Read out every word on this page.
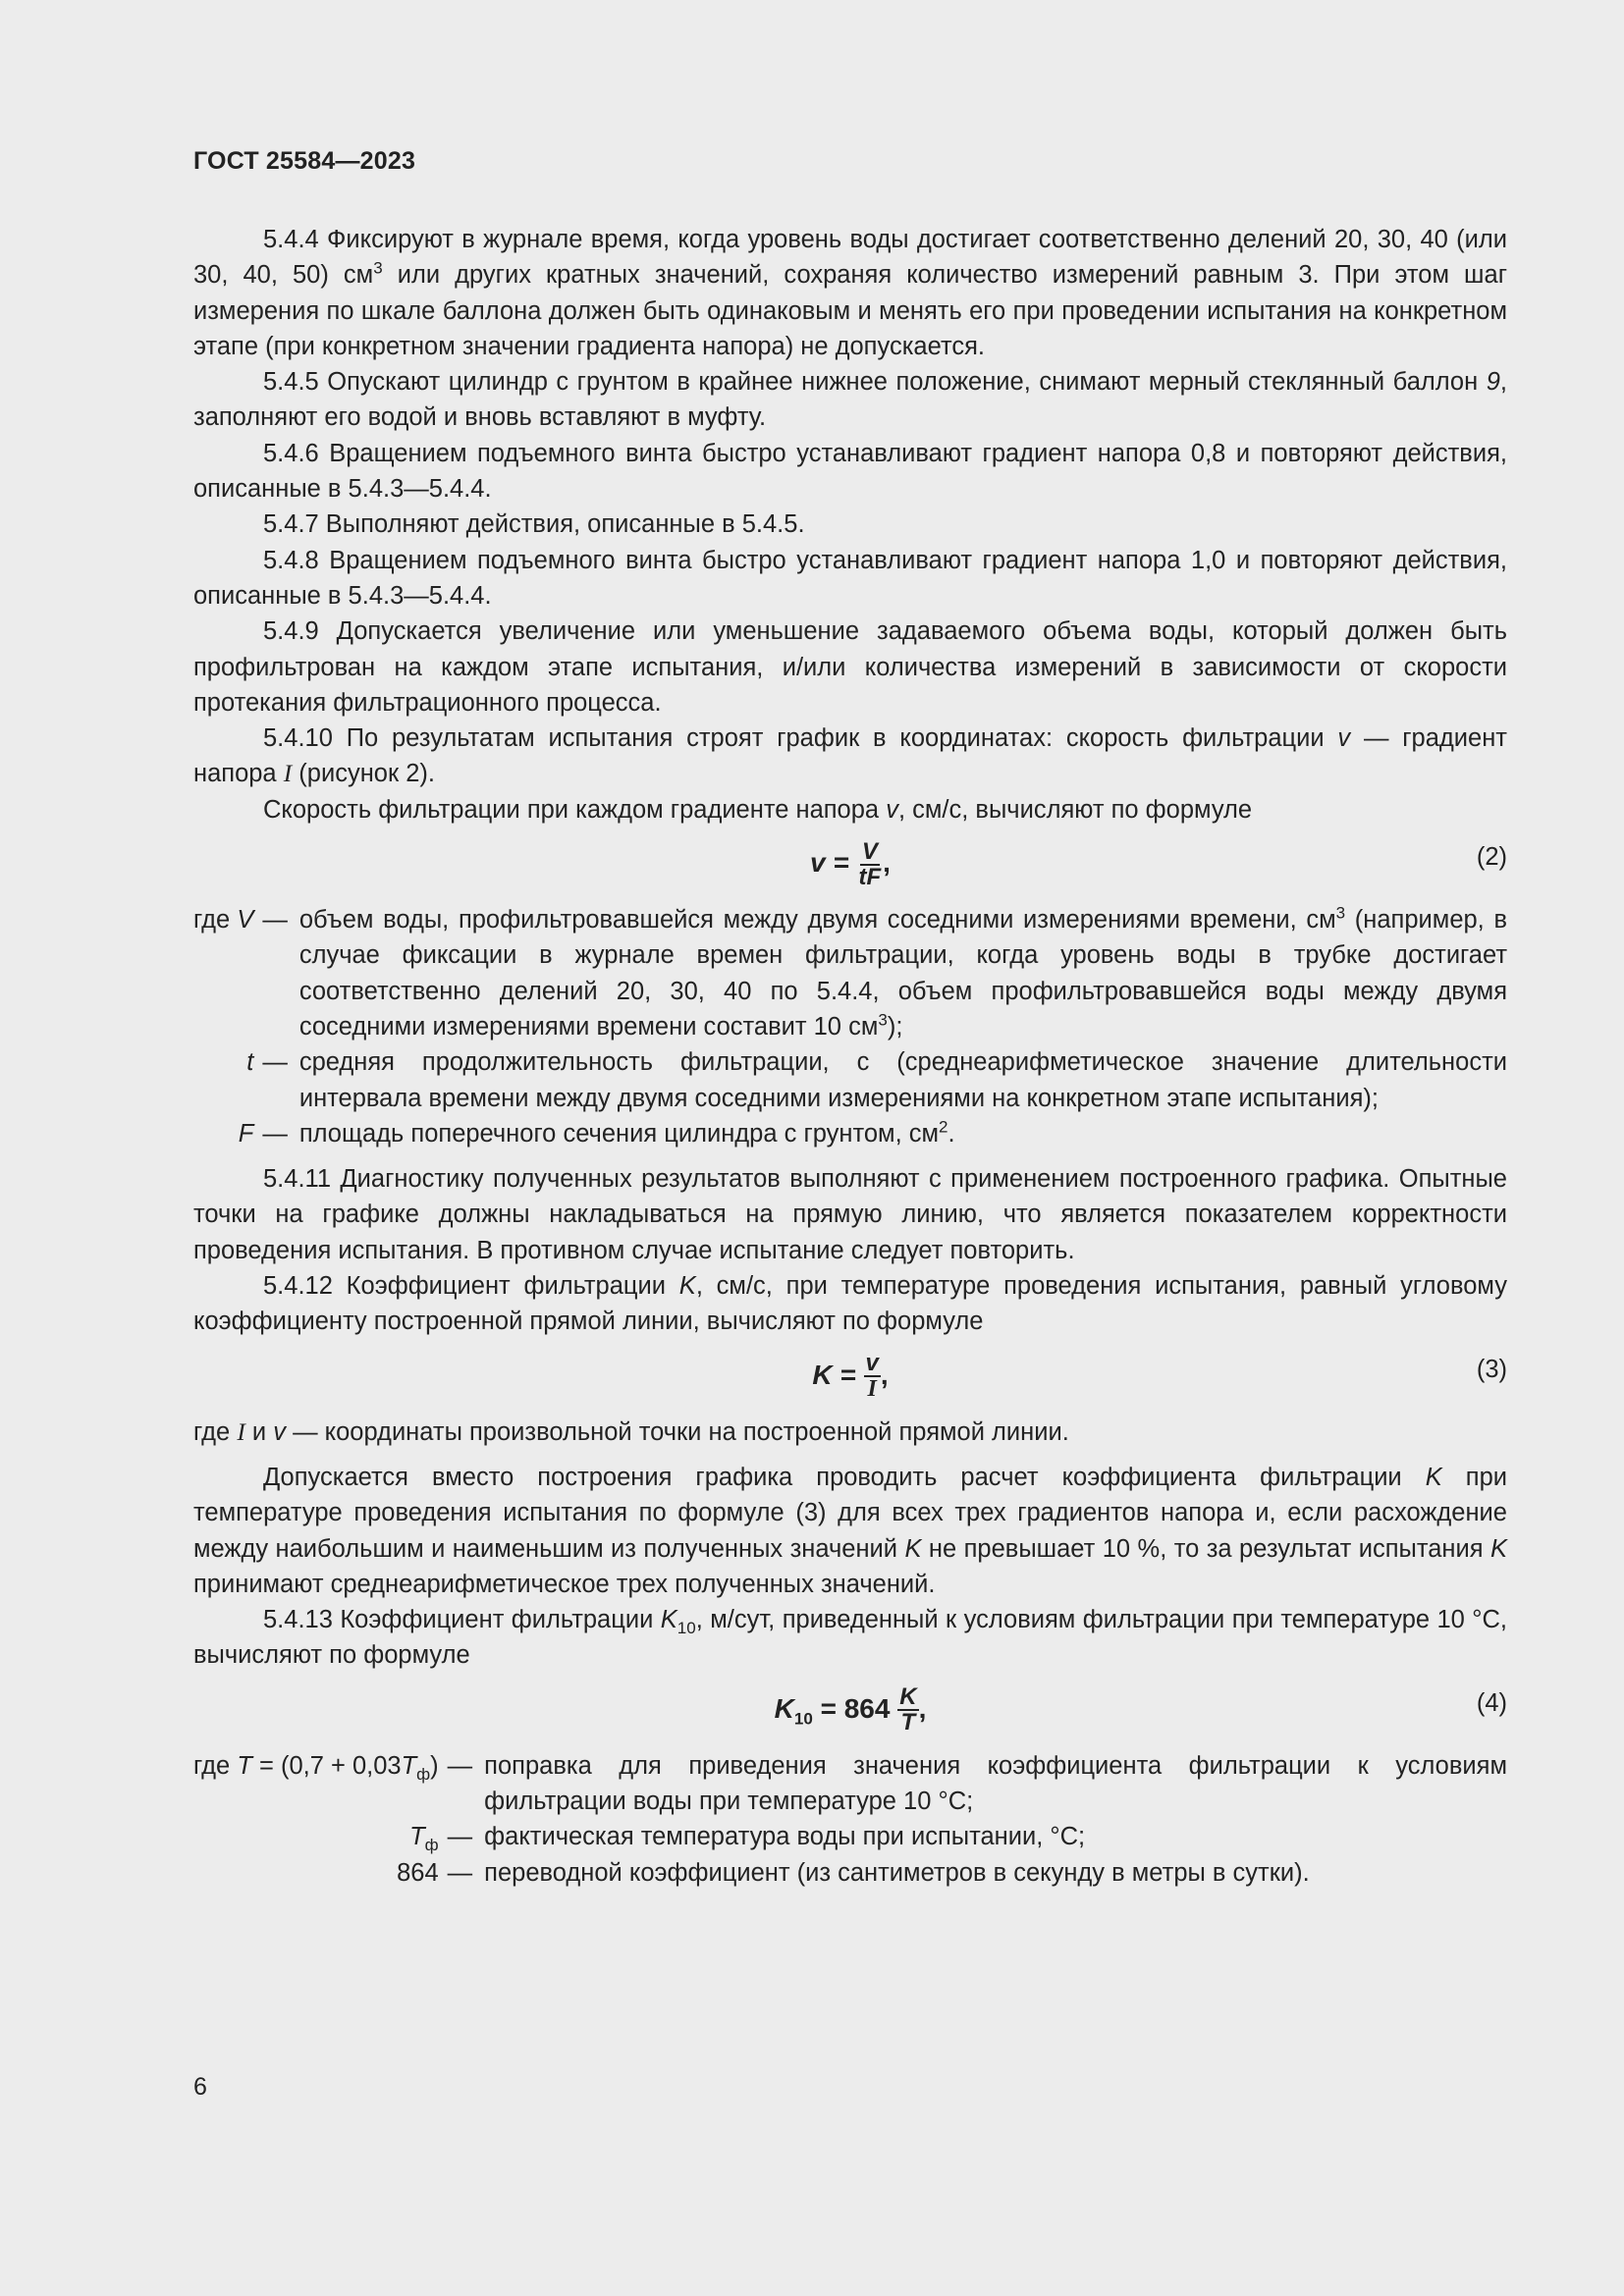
ГОСТ 25584—2023

5.4.4 Фиксируют в журнале время, когда уровень воды достигает соответственно делений 20, 30, 40 (или 30, 40, 50) $см^3$ или других кратных значений, сохраняя количество измерений равным 3. При этом шаг измерения по шкале баллона должен быть одинаковым и менять его при проведении испытания на конкретном этапе (при конкретном значении градиента напора) не допускается.

5.4.5 Опускают цилиндр с грунтом в крайнее нижнее положение, снимают мерный стеклянный баллон 9, заполняют его водой и вновь вставляют в муфту.

5.4.6 Вращением подъемного винта быстро устанавливают градиент напора 0,8 и повторяют действия, описанные в 5.4.3—5.4.4.

5.4.7 Выполняют действия, описанные в 5.4.5.

5.4.8 Вращением подъемного винта быстро устанавливают градиент напора 1,0 и повторяют действия, описанные в 5.4.3—5.4.4.

5.4.9 Допускается увеличение или уменьшение задаваемого объема воды, который должен быть профильтрован на каждом этапе испытания, и/или количества измерений в зависимости от скорости протекания фильтрационного процесса.

5.4.10 По результатам испытания строят график в координатах: скорость фильтрации v — градиент напора I (рисунок 2).

Скорость фильтрации при каждом градиенте напора v, см/с, вычисляют по формуле

$v = \frac{V}{tF}$ ,	(2)
где V	—	объем воды, профильтровавшейся между двумя соседними измерениями времени, $см^3$ (например, в случае фиксации в журнале времен фильтрации, когда уровень воды в трубке достигает соответственно делений 20, 30, 40 по 5.4.4, объем профильтровавшейся воды между двумя соседними измерениями времени составит 10 $см^3$);
t	—	средняя продолжительность фильтрации, с (среднеарифметическое значение длительности интервала времени между двумя соседними измерениями на конкретном этапе испытания);
F	—	площадь поперечного сечения цилиндра с грунтом, $см^2$.

5.4.11 Диагностику полученных результатов выполняют с применением построенного графика. Опытные точки на графике должны накладываться на прямую линию, что является показателем корректности проведения испытания. В противном случае испытание следует повторить.

5.4.12 Коэффициент фильтрации K, см/с, при температуре проведения испытания, равный угловому коэффициенту построенной прямой линии, вычисляют по формуле

$K = \frac{v}{I}$ ,	(3)

где I и v — координаты произвольной точки на построенной прямой линии.

Допускается вместо построения графика проводить расчет коэффициента фильтрации K при температуре проведения испытания по формуле (3) для всех трех градиентов напора и, если расхождение между наибольшим и наименьшим из полученных значений K не превышает 10 %, то за результат испытания K принимают среднеарифметическое трех полученных значений.

5.4.13 Коэффициент фильтрации $K_{10}$, м/сут, приведенный к условиям фильтрации при температуре 10 °С, вычисляют по формуле

$K_{10} = 864 \frac{K}{T}$ ,	(4)
где $T = (0,7 + 0,03T_ф)$	—	поправка для приведения значения коэффициента фильтрации к условиям фильтрации воды при температуре 10 °С;
$T_ф$	—	фактическая температура воды при испытании, °С;
864	—	переводной коэффициент (из сантиметров в секунду в метры в сутки).
6
